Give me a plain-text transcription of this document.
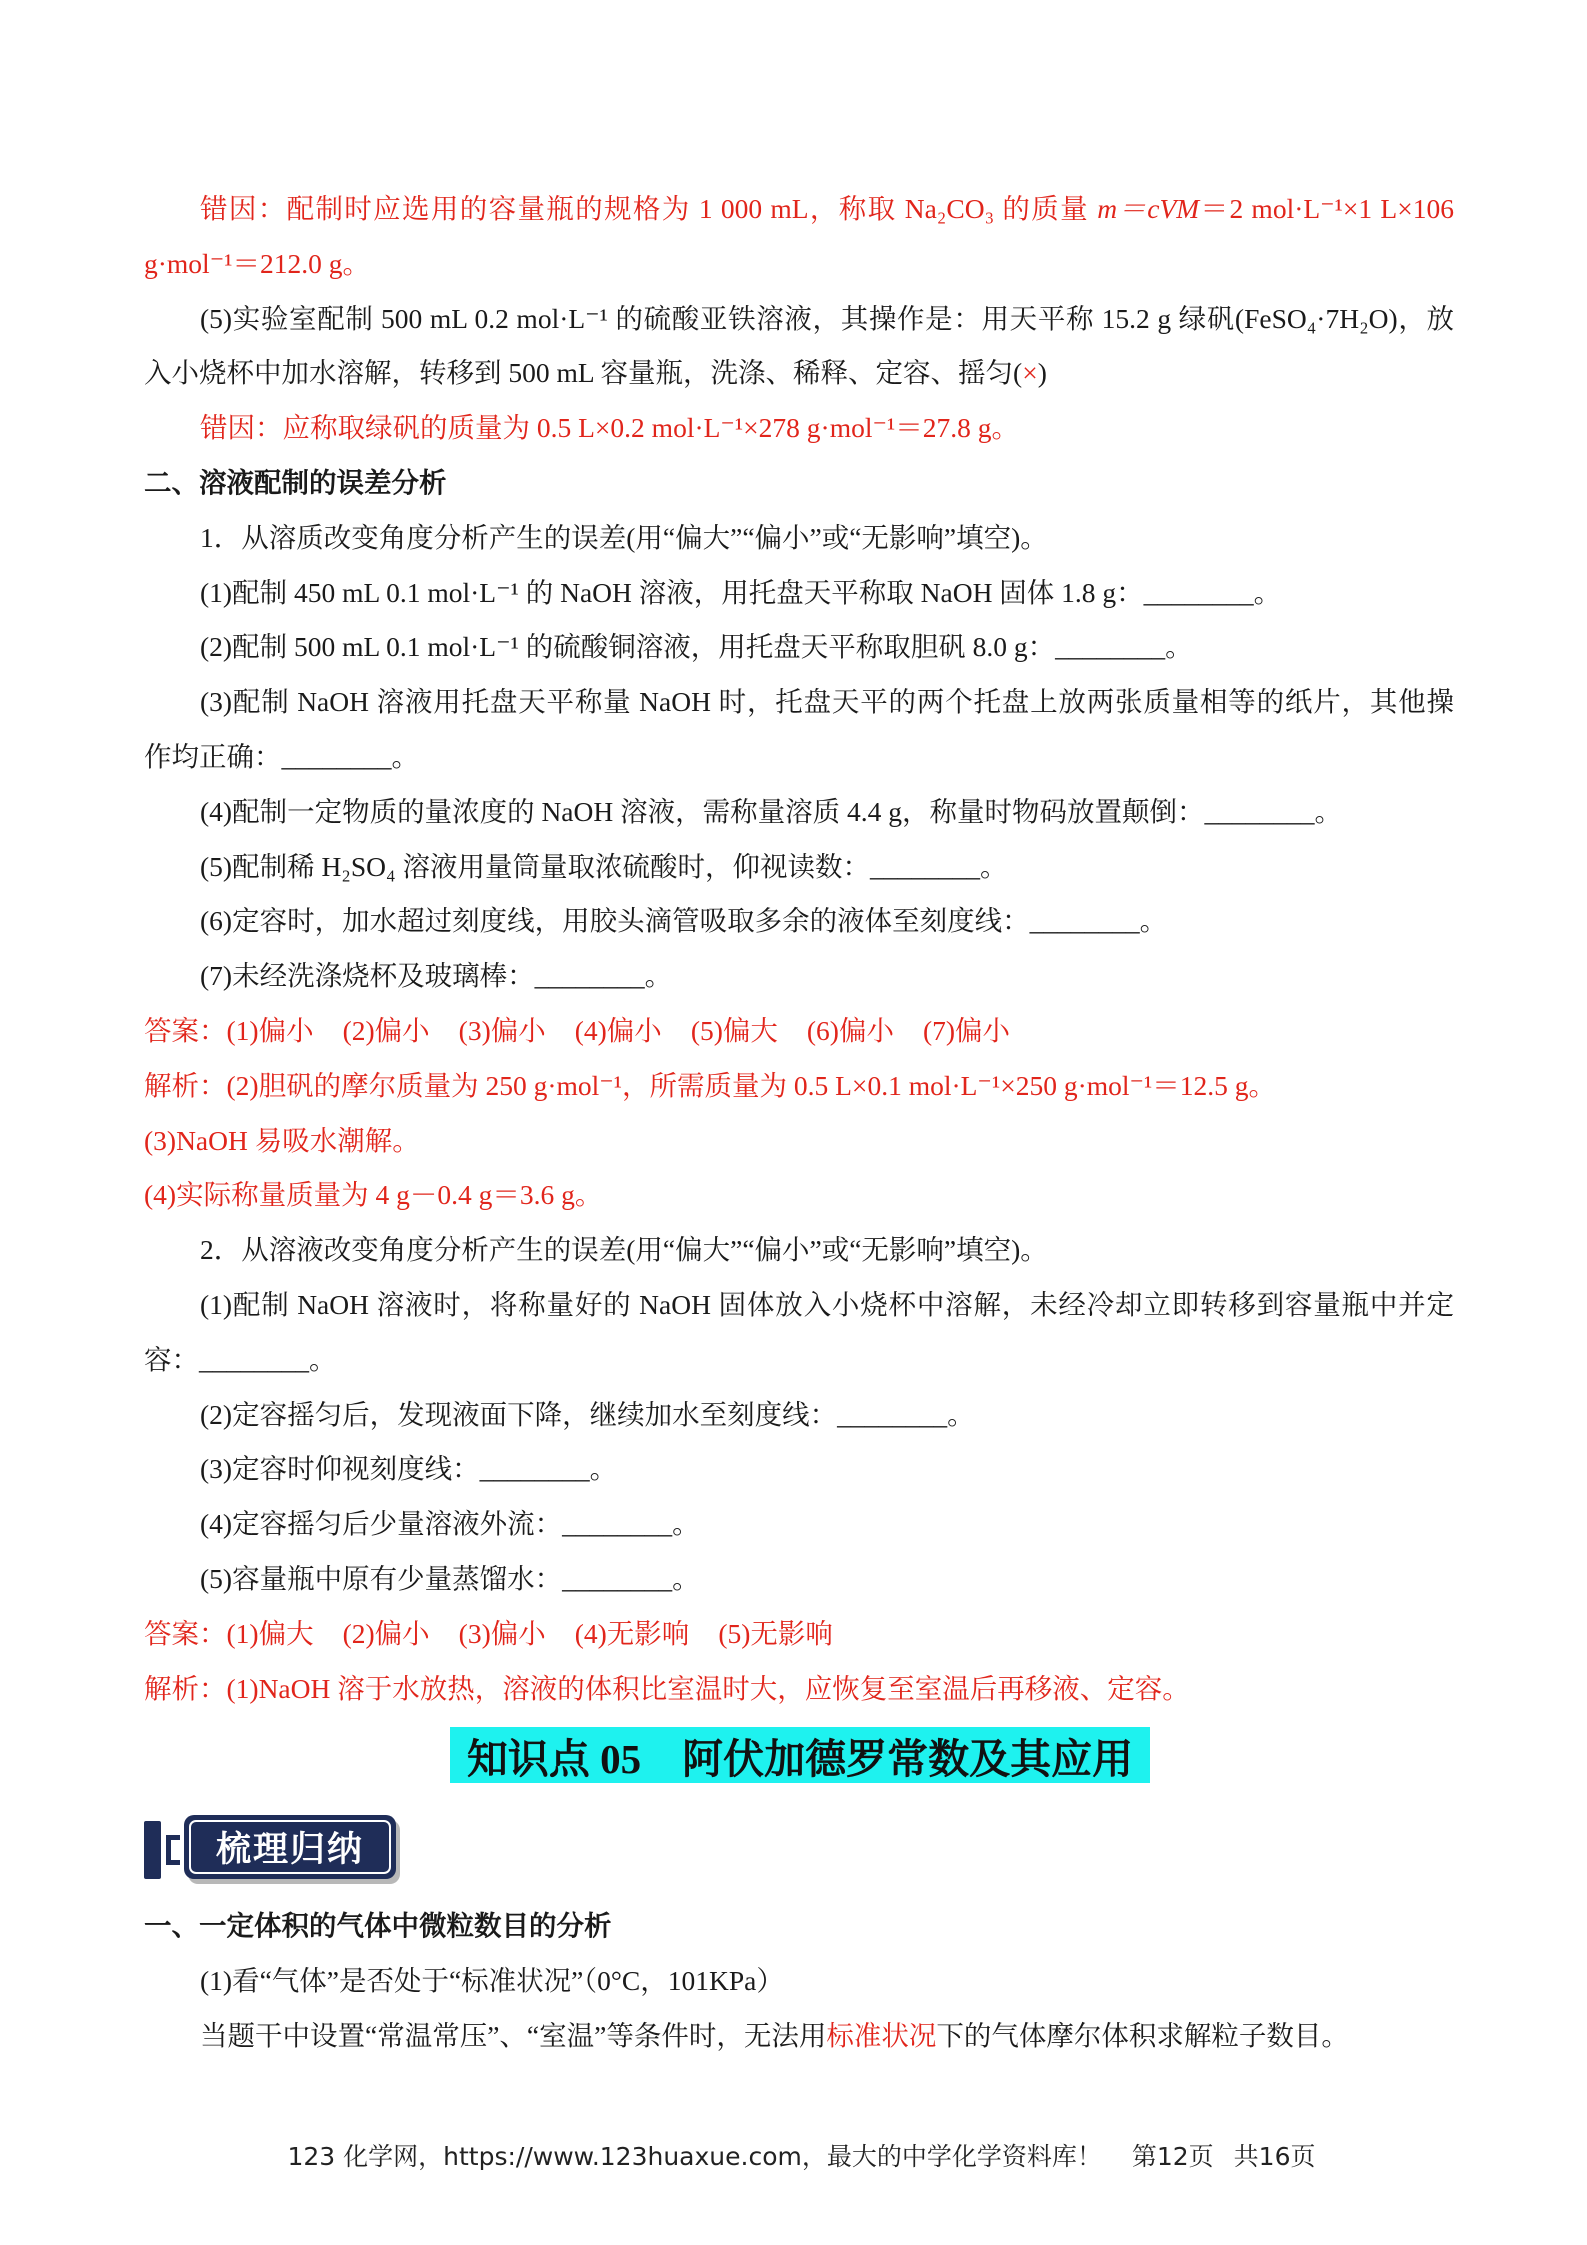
错因：配制时应选用的容量瓶的规格为 1 000 mL，称取 Na₂CO₃ 的质量 m＝cVM＝2 mol·L⁻¹×1 L×106
g·mol⁻¹＝212.0 g。
(5)实验室配制 500 mL 0.2 mol·L⁻¹ 的硫酸亚铁溶液，其操作是：用天平称 15.2 g 绿矾(FeSO₄·7H₂O)，放
入小烧杯中加水溶解，转移到 500 mL 容量瓶，洗涤、稀释、定容、摇匀(×)
错因：应称取绿矾的质量为 0.5 L×0.2 mol·L⁻¹×278 g·mol⁻¹＝27.8 g。
二、溶液配制的误差分析
1．从溶质改变角度分析产生的误差(用“偏大”“偏小”或“无影响”填空)。
(1)配制 450 mL 0.1 mol·L⁻¹ 的 NaOH 溶液，用托盘天平称取 NaOH 固体 1.8 g：________。
(2)配制 500 mL 0.1 mol·L⁻¹ 的硫酸铜溶液，用托盘天平称取胆矾 8.0 g：________。
(3)配制 NaOH 溶液用托盘天平称量 NaOH 时，托盘天平的两个托盘上放两张质量相等的纸片，其他操
作均正确：________。
(4)配制一定物质的量浓度的 NaOH 溶液，需称量溶质 4.4 g，称量时物码放置颠倒：________。
(5)配制稀 H₂SO₄ 溶液用量筒量取浓硫酸时，仰视读数：________。
(6)定容时，加水超过刻度线，用胶头滴管吸取多余的液体至刻度线：________。
(7)未经洗涤烧杯及玻璃棒：________。
答案： (1)偏小 (2)偏小 (3)偏小 (4)偏小 (5)偏大 (6)偏小 (7)偏小
解析：(2)胆矾的摩尔质量为 250 g·mol⁻¹，所需质量为 0.5 L×0.1 mol·L⁻¹×250 g·mol⁻¹＝12.5 g。
(3)NaOH 易吸水潮解。
(4)实际称量质量为 4 g－0.4 g＝3.6 g。
2．从溶液改变角度分析产生的误差(用“偏大”“偏小”或“无影响”填空)。
(1)配制 NaOH 溶液时，将称量好的 NaOH 固体放入小烧杯中溶解，未经冷却立即转移到容量瓶中并定
容：________。
(2)定容摇匀后，发现液面下降，继续加水至刻度线：________。
(3)定容时仰视刻度线：________。
(4)定容摇匀后少量溶液外流：________。
(5)容量瓶中原有少量蒸馏水：________。
答案： (1)偏大 (2)偏小 (3)偏小 (4)无影响 (5)无影响
解析：(1)NaOH 溶于水放热，溶液的体积比室温时大，应恢复至室温后再移液、定容。
知识点 05 阿伏加德罗常数及其应用
梳理归纳
一、一定体积的气体中微粒数目的分析
(1)看“气体”是否处于“标准状况”（0°C，101KPa）
当题干中设置“常温常压”、“室温”等条件时，无法用标准状况下的气体摩尔体积求解粒子数目。
123 化学网，https://www.123huaxue.com，最大的中学化学资料库！ 第12页 共16页
